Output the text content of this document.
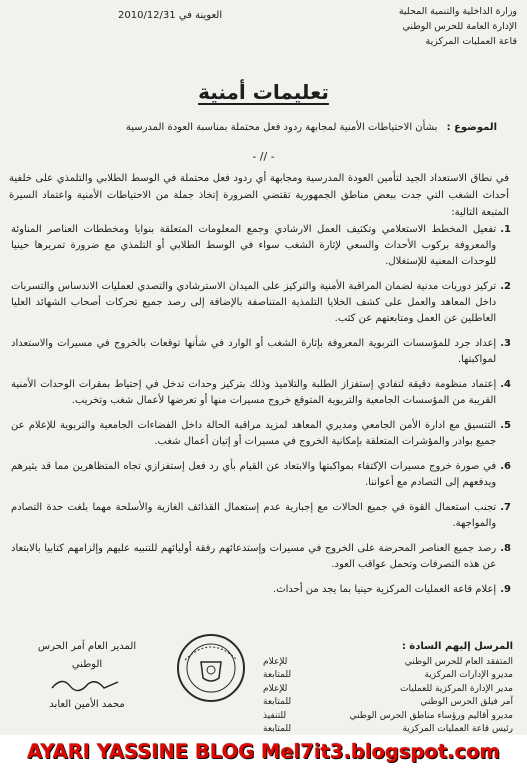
وزارة الداخلية والتنمية المحلية
الإدارة العامة للحرس الوطني
قاعة العمليات المركزية
العوينة في 2010/12/31
تعليمات أمنية
الموضوع : بشأن الاحتياطات الأمنية لمجابهة ردود فعل محتملة بمناسبة العودة المدرسية
- // -
في نطاق الاستعداد الجيد لتأمين العودة المدرسية ومجابهة أي ردود فعل محتملة في الوسط الطلابي والتلمذي على خلفية أحداث الشغب التي جدت ببعض مناطق الجمهورية تقتضي الضرورة إتخاذ جملة من الاحتياطات الأمنية واعتماد السيرة المتبعة التالية:
1.
تفعيل المخطط الاستعلامي وتكثيف العمل الارشادي وجمع المعلومات المتعلقة بنوايا ومخططات العناصر المناوئة والمعروفة بركوب الأحداث والسعي لإثارة الشغب سواء في الوسط الطلابي أو التلمذي مع ضرورة تمريرها حينيا للوحدات المعنية للإستغلال.
2.
تركيز دوريات مدنية لضمان المراقبة الأمنية والتركيز على الميدان الاسترشادي والتصدي لعمليات الاندساس والتسربات داخل المعاهد والعمل على كشف الخلايا التلمذية المتناصفة بالإضافة إلى رصد جميع تحركات أصحاب الشهائد العليا العاطلين عن العمل ومتابعتهم عن كثب.
3.
إعداد جرد للمؤسسات التربوية المعروفة بإثارة الشغب أو الوارد في شأنها توقعات بالخروج في مسيرات والاستعداد لمواكبتها.
4.
إعتماد منظومة دقيقة لتفادي إستفزاز الطلبة والتلاميذ وذلك بتركيز وحدات تدخل في إحتياط بمقرات الوحدات الأمنية القريبة من المؤسسات الجامعية والتربوية المتوقع خروج مسيرات منها أو تعرضها لأعمال شغب وتخريب.
5.
التنسيق مع ادارة الأمن الجامعي ومديري المعاهد لمزيد مراقبة الحالة داخل الفضاءات الجامعية والتربوية للإعلام عن جميع بوادر والمؤشرات المتعلقة بإمكانية الخروج في مسيرات أو إتيان أعمال شغب.
6.
في صورة خروج مسيرات الإكتفاء بمواكبتها والابتعاد عن القيام بأي رد فعل إستفزازي تجاه المتظاهرين مما قد يثيرهم ويدفعهم إلى التصادم مع أعواننا.
7.
تجنب استعمال القوة في جميع الحالات مع إجبارية عدم إستعمال القذائف الغازية والأسلحة مهما بلغت حدة التصادم والمواجهة.
8.
رصد جميع العناصر المحرضة على الخروج في مسيرات وإستدعائهم رفقة أوليائهم للتنبيه عليهم وإلزامهم كتابيا بالابتعاد عن هذه التصرفات وتحمل عواقب العود.
9.
إعلام قاعة العمليات المركزية حينيا بما يجد من أحداث.
المدير العام آمر الحرس الوطني
محمد الأمين العابد
المرسل إليهم السادة :
المتفقد العام للحرس الوطني
للإعلام
مديرو الإدارات المركزية
للمتابعة
مدير الإدارة المركزية للعمليات
للإعلام
آمر فيلق الحرس الوطني
للمتابعة
مديرو أقاليم ورؤساء مناطق الحرس الوطني
للتنفيذ
رئيس قاعة العمليات المركزية
للمتابعة
AYARI YASSINE BLOG Mel7it3.blogspot.com
